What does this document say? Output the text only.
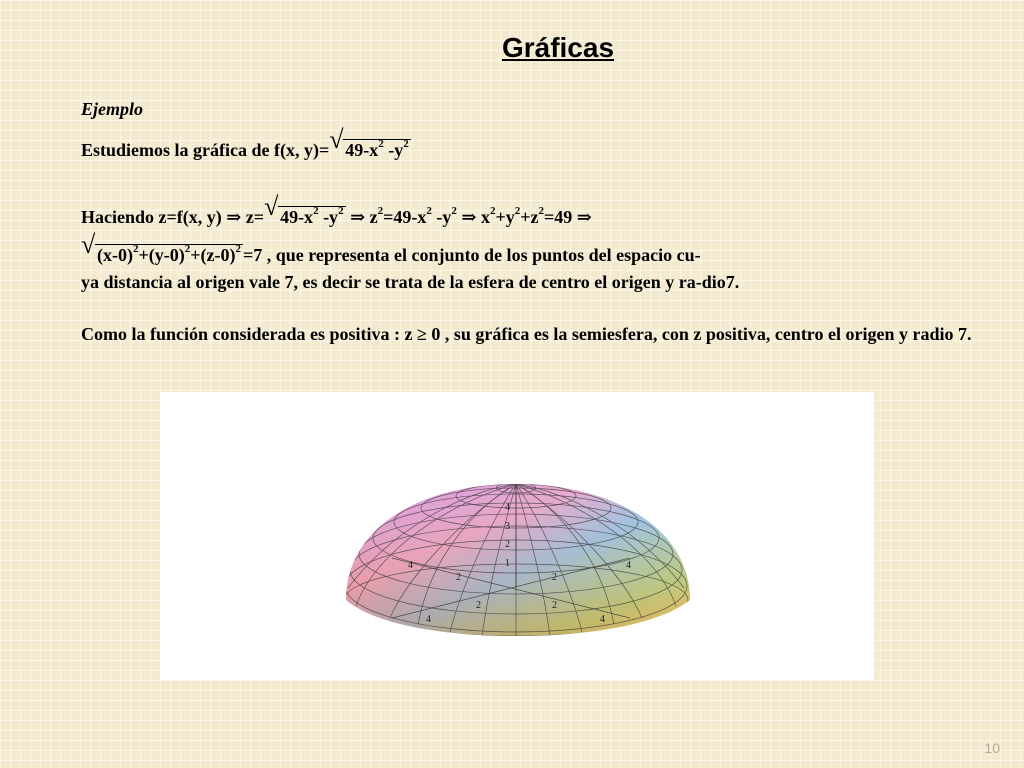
Gráficas
Ejemplo
Estudiemos la gráfica de f(x, y)= √ $49-x^2$ $-y^2$
Haciendo z=f(x, y) ⇒ z= √ $49-x^2$ $-y^2$ ⇒ $z^2=49-x^2$ $-y^2$ ⇒ $x^2+y^2+z^2=49$ ⇒
√ $(x-0)^2+(y-0)^2+(z-0)^2 =7$ , que representa el conjunto de los puntos del espacio cu-
ya distancia al origen vale 7, es decir se trata de la esfera de centro el origen y ra-dio7.
Como la función considerada es positiva : z ≥ 0 , su gráfica es la semiesfera, con z positiva, centro el origen y radio 7.
4
3
2
1
2
4
2
4
2
4
2
4
10
